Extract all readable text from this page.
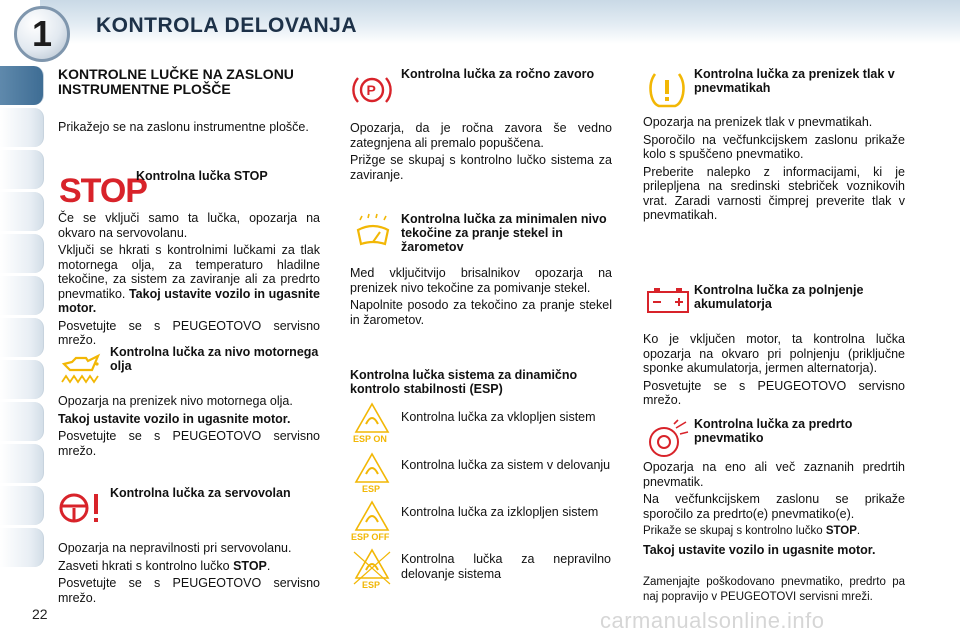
1	KONTROLA DELOVANJA
KONTROLNE LUČKE NA ZASLONU INSTRUMENTNE PLOŠČE

Prikažejo se na zaslonu instrumentne plošče.

STOP
Kontrolna lučka STOP

Če se vključi samo ta lučka, opozarja na okvaro na servovolanu.

Vključi se hkrati s kontrolnimi lučkami za tlak motornega olja, za temperaturo hladilne tekočine, za sistem za zaviranje ali za predrto pnevmatiko. Takoj ustavite vozilo in ugasnite motor.

Posvetujte se s PEUGEOTOVO servisno mrežo.

Kontrolna lučka za nivo motornega olja

Opozarja na prenizek nivo motornega olja.

Takoj ustavite vozilo in ugasnite motor.

Posvetujte se s PEUGEOTOVO servisno mrežo.

Kontrolna lučka za servovolan

Opozarja na nepravilnosti pri servovolanu.

Zasveti hkrati s kontrolno lučko STOP.

Posvetujte se s PEUGEOTOVO servisno mrežo.

P
Kontrolna lučka za ročno zavoro

Opozarja, da je ročna zavora še vedno zategnjena ali premalo popuščena.

Prižge se skupaj s kontrolno lučko sistema za zaviranje.

Kontrolna lučka za minimalen nivo tekočine za pranje stekel in žarometov

Med vključitvijo brisalnikov opozarja na prenizek nivo tekočine za pomivanje stekel.

Napolnite posodo za tekočino za pranje stekel in žarometov.

Kontrolna lučka sistema za dinamično kontrolo stabilnosti (ESP)
ESP ON
Kontrolna lučka za vklopljen sistem
ESP
Kontrolna lučka za sistem v delovanju
ESP OFF
Kontrolna lučka za izklopljen sistem
ESP
Kontrolna lučka za nepravilno delovanje sistema
Kontrolna lučka za prenizek tlak v pnevmatikah

Opozarja na prenizek tlak v pnevmatikah.

Sporočilo na večfunkcijskem zaslonu prikaže kolo s spuščeno pnevmatiko.

Preberite nalepko z informacijami, ki je prilepljena na sredinski stebriček voznikovih vrat. Zaradi varnosti čimprej preverite tlak v pnevmatikah.

Kontrolna lučka za polnjenje akumulatorja

Ko je vključen motor, ta kontrolna lučka opozarja na okvaro pri polnjenju (priključne sponke akumulatorja, jermen alternatorja).

Posvetujte se s PEUGEOTOVO servisno mrežo.

Kontrolna lučka za predrto pnevmatiko

Opozarja na eno ali več zaznanih predrtih pnevmatik.

Na večfunkcijskem zaslonu se prikaže sporočilo za predrto(e) pnevmatiko(e).

Prikaže se skupaj s kontrolno lučko STOP.

Takoj ustavite vozilo in ugasnite motor.

Zamenjajte poškodovano pnevmatiko, predrto pa naj popravijo v PEUGEOTOVI servisni mreži.

22	carmanualsonline.info
